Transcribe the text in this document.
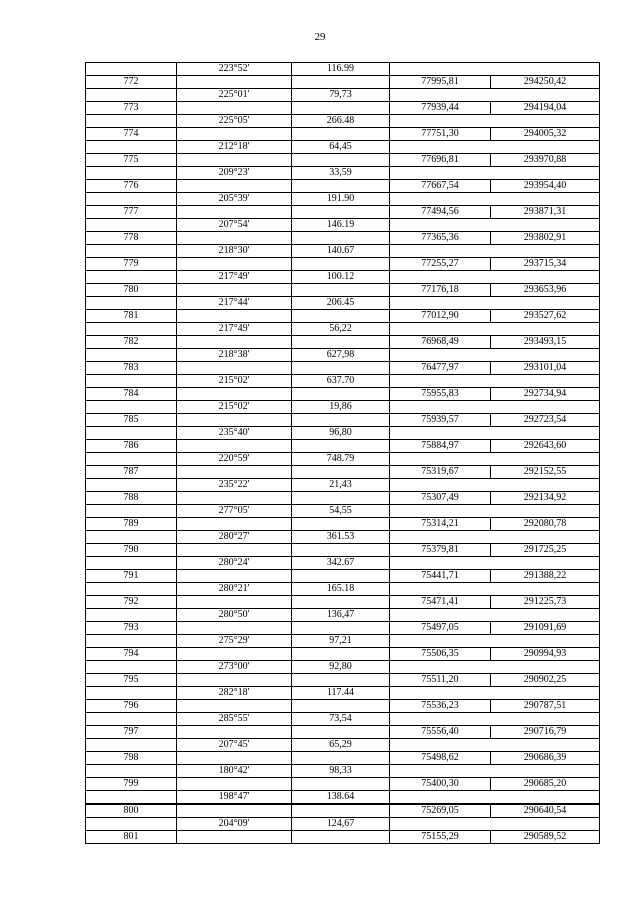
29
	223°52'	116.99		
772			77995,81	294250,42
	225°01'	79,73		
773			77939,44	294194,04
	225°05'	266.48		
774			77751,30	294005,32
	212°18'	64,45		
775			77696,81	293970,88
	209°23'	33,59		
776			77667,54	293954,40
	205°39'	191.90		
777			77494,56	293871,31
	207°54'	146.19		
778			77365,36	293802,91
	218°30'	140.67		
779			77255,27	293715,34
	217°49'	100.12		
780			77176,18	293653,96
	217°44'	206.45		
781			77012,90	293527,62
	217°49'	56,22		
782			76968,49	293493,15
	218°38'	627,98		
783			76477,97	293101,04
	215°02'	637.70		
784			75955,83	292734,94
	215°02'	19,86		
785			75939,57	292723,54
	235°40'	96,80		
786			75884,97	292643,60
	220°59'	748.79		
787			75319,67	292152,55
	235°22'	21,43		
788			75307,49	292134,92
	277°05'	54,55		
789			75314,21	292080,78
	280°27'	361.53		
790			75379,81	291725,25
	280°24'	342.67		
791			75441,71	291388,22
	280°21'	165.18		
792			75471,41	291225,73
	280°50'	136,47		
793			75497,05	291091,69
	275°29'	97,21		
794			75506,35	290994,93
	273°00'	92,80		
795			75511,20	290902,25
	282°18'	117.44		
796			75536,23	290787,51
	285°55'	73,54		
797			75556,40	290716,79
	207°45'	65,29		
798			75498,62	290686,39
	180°42'	98,33		
799			75400,30	290685,20
	198°47'	138.64		
800			75269,05	290640,54
	204°09'	124,67		
801			75155,29	290589,52
